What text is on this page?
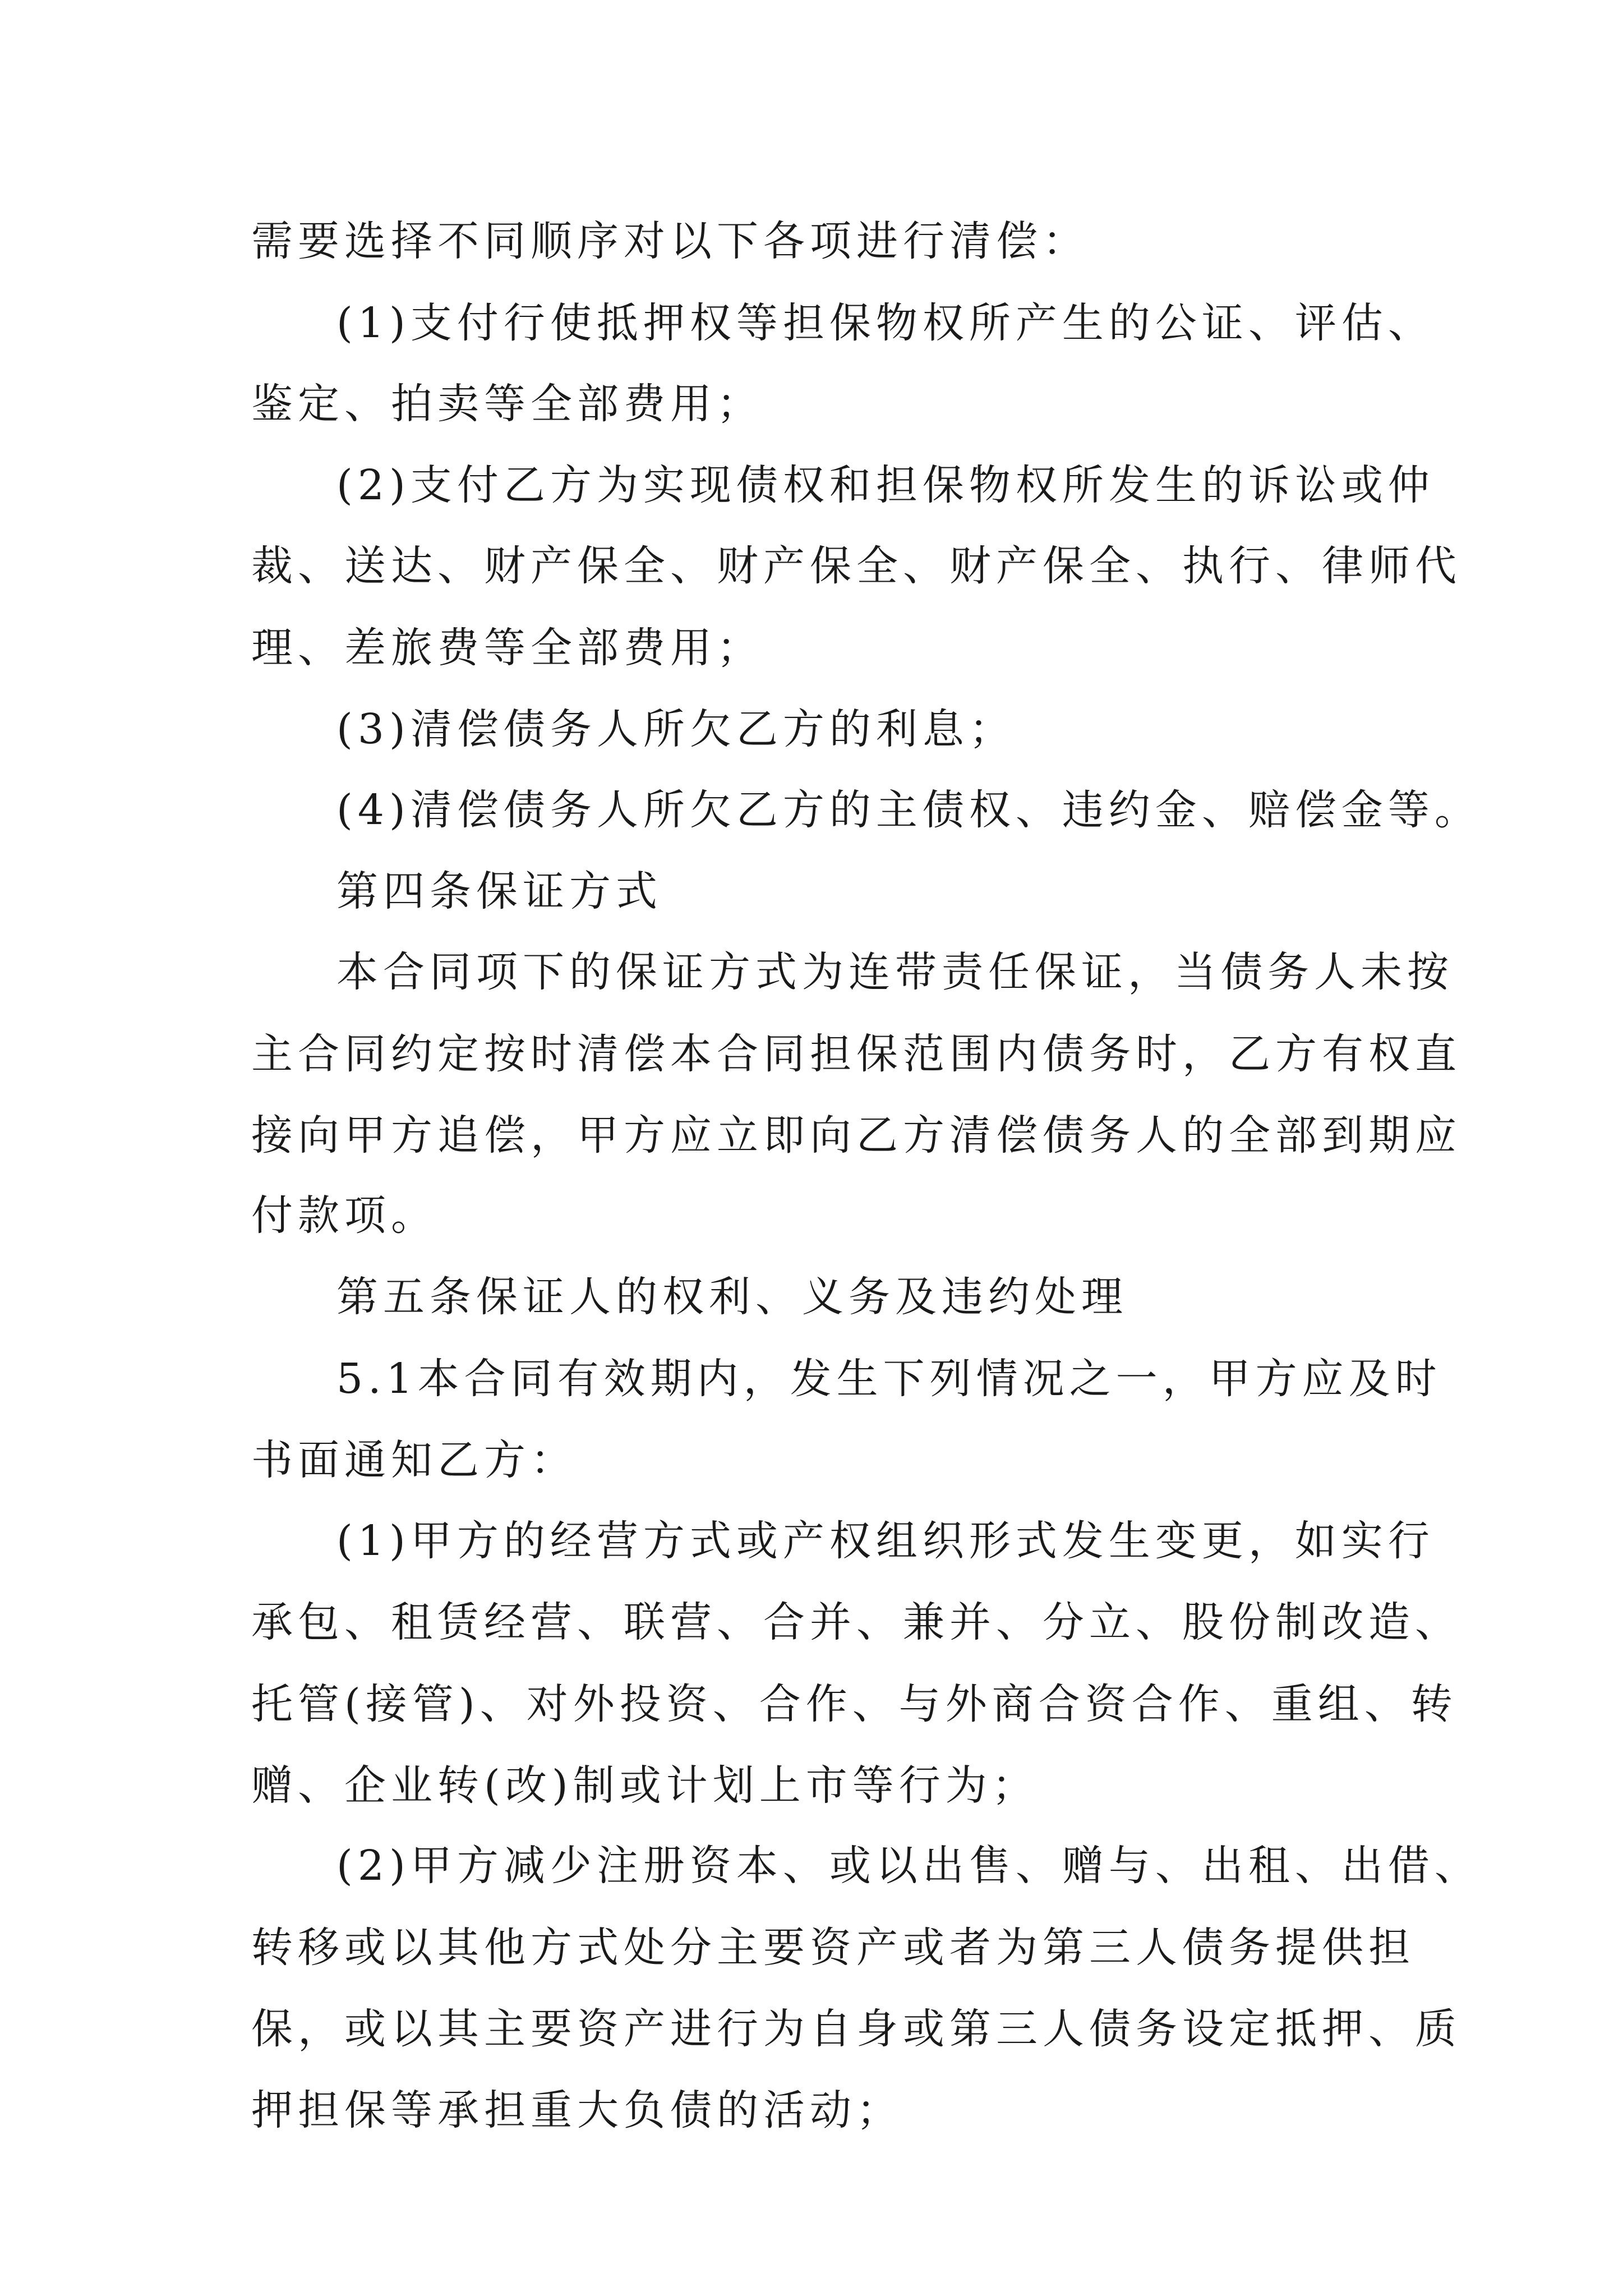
需要选择不同顺序对以下各项进行清偿：
(1)支付行使抵押权等担保物权所产生的公证、评估、
鉴定、拍卖等全部费用；
(2)支付乙方为实现债权和担保物权所发生的诉讼或仲
裁、送达、财产保全、财产保全、财产保全、执行、律师代
理、差旅费等全部费用；
(3)清偿债务人所欠乙方的利息；
(4)清偿债务人所欠乙方的主债权、违约金、赔偿金等。
第四条保证方式
本合同项下的保证方式为连带责任保证，当债务人未按
主合同约定按时清偿本合同担保范围内债务时，乙方有权直
接向甲方追偿，甲方应立即向乙方清偿债务人的全部到期应
付款项。
第五条保证人的权利、义务及违约处理
5.1本合同有效期内，发生下列情况之一，甲方应及时
书面通知乙方：
(1)甲方的经营方式或产权组织形式发生变更，如实行
承包、租赁经营、联营、合并、兼并、分立、股份制改造、
托管(接管)、对外投资、合作、与外商合资合作、重组、转
赠、企业转(改)制或计划上市等行为；
(2)甲方减少注册资本、或以出售、赠与、出租、出借、
转移或以其他方式处分主要资产或者为第三人债务提供担
保，或以其主要资产进行为自身或第三人债务设定抵押、质
押担保等承担重大负债的活动；
